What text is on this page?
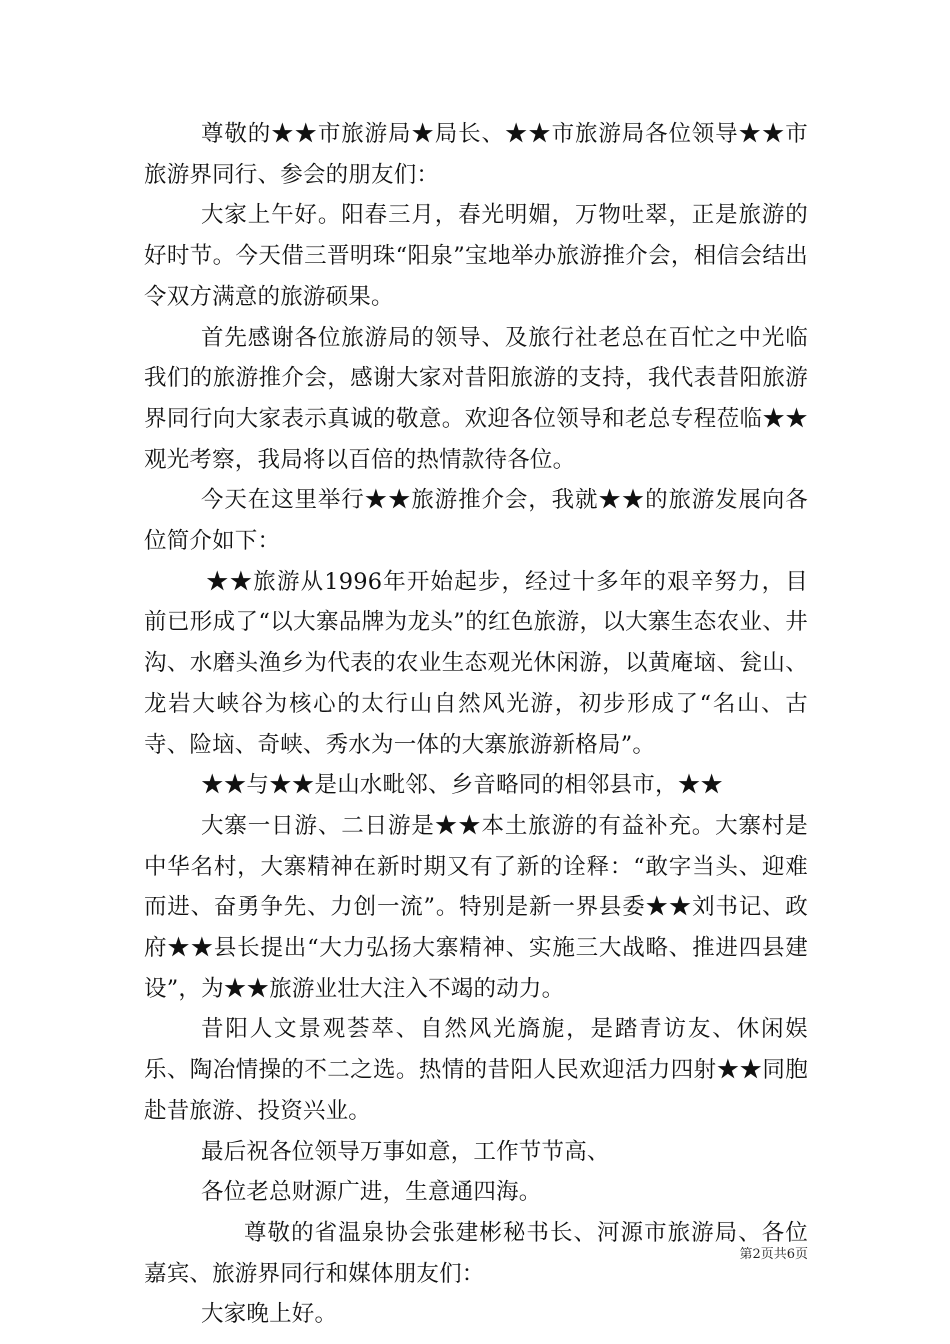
尊敬的★★市旅游局★局长、★★市旅游局各位领导★★市旅游界同行、参会的朋友们：

大家上午好。阳春三月，春光明媚，万物吐翠，正是旅游的好时节。今天借三晋明珠“阳泉”宝地举办旅游推介会，相信会结出令双方满意的旅游硕果。

首先感谢各位旅游局的领导、及旅行社老总在百忙之中光临我们的旅游推介会，感谢大家对昔阳旅游的支持，我代表昔阳旅游界同行向大家表示真诚的敬意。欢迎各位领导和老总专程莅临★★观光考察，我局将以百倍的热情款待各位。

今天在这里举行★★旅游推介会，我就★★的旅游发展向各位简介如下：

★★旅游从1996年开始起步，经过十多年的艰辛努力，目前已形成了“以大寨品牌为龙头”的红色旅游，以大寨生态农业、井沟、水磨头渔乡为代表的农业生态观光休闲游，以黄庵垴、瓮山、龙岩大峡谷为核心的太行山自然风光游，初步形成了“名山、古寺、险垴、奇峡、秀水为一体的大寨旅游新格局”。

★★与★★是山水毗邻、乡音略同的相邻县市，★★

大寨一日游、二日游是★★本土旅游的有益补充。大寨村是中华名村，大寨精神在新时期又有了新的诠释：“敢字当头、迎难而进、奋勇争先、力创一流”。特别是新一界县委★★刘书记、政府★★县长提出“大力弘扬大寨精神、实施三大战略、推进四县建设”，为★★旅游业壮大注入不竭的动力。

昔阳人文景观荟萃、自然风光旖旎，是踏青访友、休闲娱乐、陶冶情操的不二之选。热情的昔阳人民欢迎活力四射★★同胞赴昔旅游、投资兴业。

最后祝各位领导万事如意，工作节节高、

各位老总财源广进，生意通四海。

尊敬的省温泉协会张建彬秘书长、河源市旅游局、各位嘉宾、旅游界同行和媒体朋友们：

大家晚上好。

第2页共6页
